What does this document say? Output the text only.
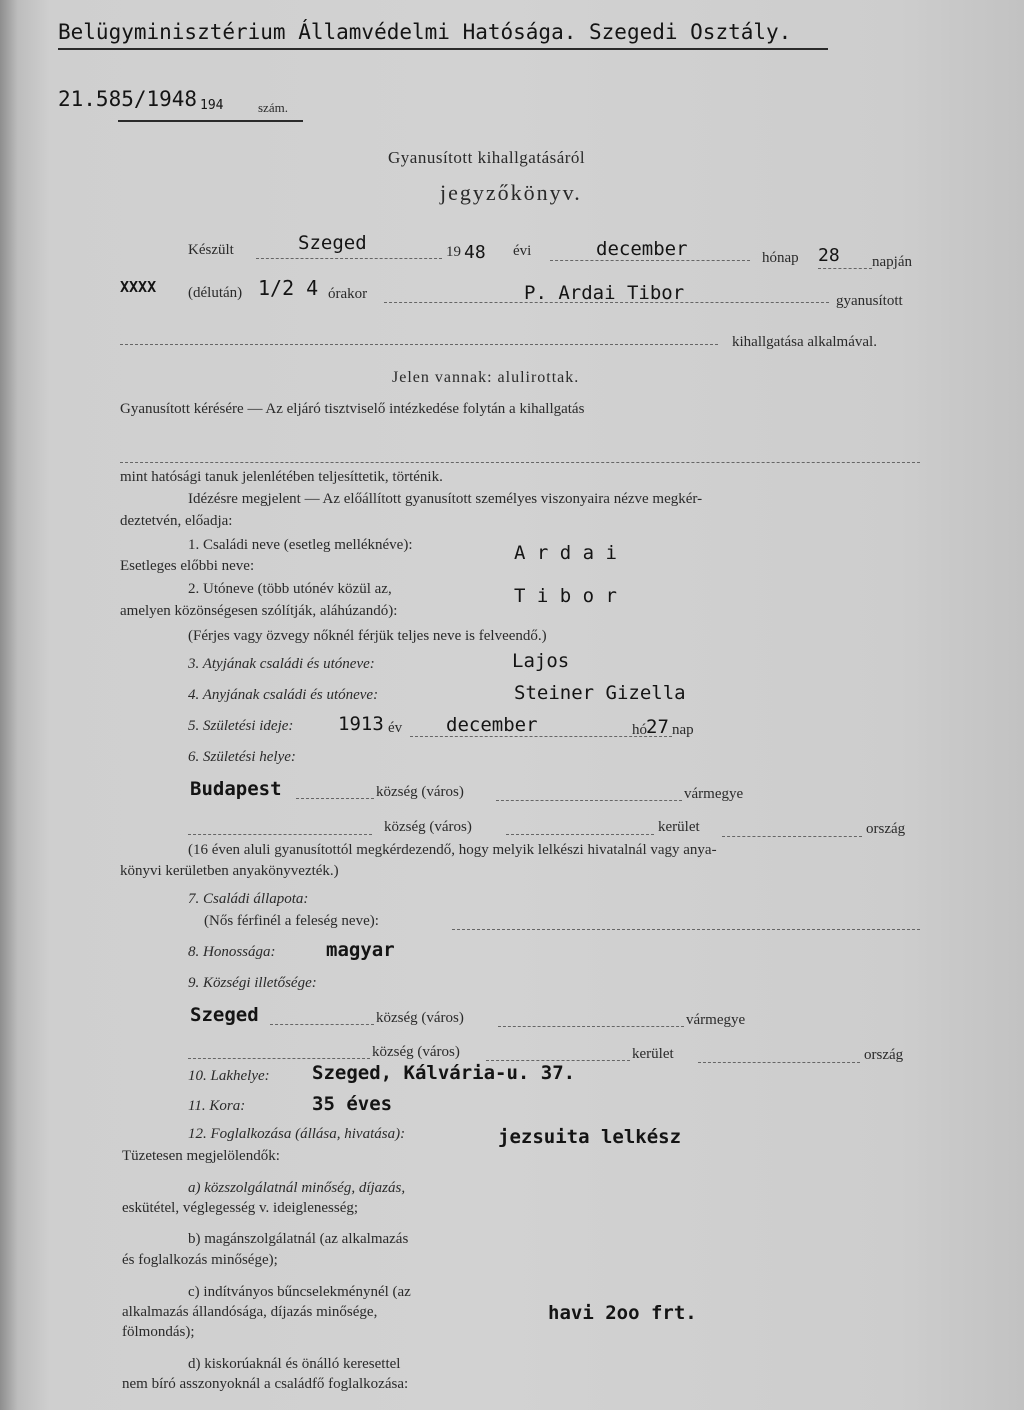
Belügyminisztérium Államvédelmi Hatósága. Szegedi Osztály.
21.585/1948 194	szám.
Gyanusított kihallgatásáról
jegyzőkönyv.
Készült	Szeged	19 48 évi	december	hónap 28 napján
XXXX (délután) 1/2 4 órakor	P. Ardai Tibor	gyanusított
kihallgatása alkalmával.
Jelen vannak: alulirottak.
Gyanusított kérésére — Az eljáró tisztviselő intézkedése folytán a kihallgatás
mint hatósági tanuk jelenlétében teljesíttetik, történik.
Idézésre megjelent — Az előállított gyanusított személyes viszonyaira nézve megkér-
deztetvén, előadja:
1. Családi neve (esetleg melléknéve):
Esetleges előbbi neve:
A r d a i
2. Utóneve (több utónév közül az,
amelyen közönségesen szólítják, aláhúzandó):
T i b o r
(Férjes vagy özvegy nőknél férjük teljes neve is felveendő.)
3. Atyjának családi és utóneve:	Lajos
4. Anyjának családi és utóneve:	Steiner Gizella
5. Születési ideje: 1913 év december	hó 27 nap
6. Születési helye:
Budapest	község (város)	vármegye
község (város)	kerület	ország
(16 éven aluli gyanusítottól megkérdezendő, hogy melyik lelkészi hivatalnál vagy anya-
könyvi kerületben anyakönyvezték.)
7. Családi állapota:
(Nős férfinél a feleség neve):
8. Honossága:	magyar
9. Községi illetősége:
Szeged	község (város)	vármegye
község (város)	kerület	ország
10. Lakhelye: Szeged, Kálvária-u. 37.
11. Kora:	35 éves
12. Foglalkozása (állása, hivatása):	jezsuita lelkész
Tüzetesen megjelölendők:
a) közszolgálatnál minőség, díjazás,
eskütétel, véglegesség v. ideiglenesség;
b) magánszolgálatnál (az alkalmazás
és foglalkozás minősége);
c) indítványos bűncselekménynél (az
alkalmazás állandósága, díjazás minősége,
fölmondás);
havi 2oo frt.
d) kiskorúaknál és önálló keresettel
nem bíró asszonyoknál a családfő foglalkozása:
